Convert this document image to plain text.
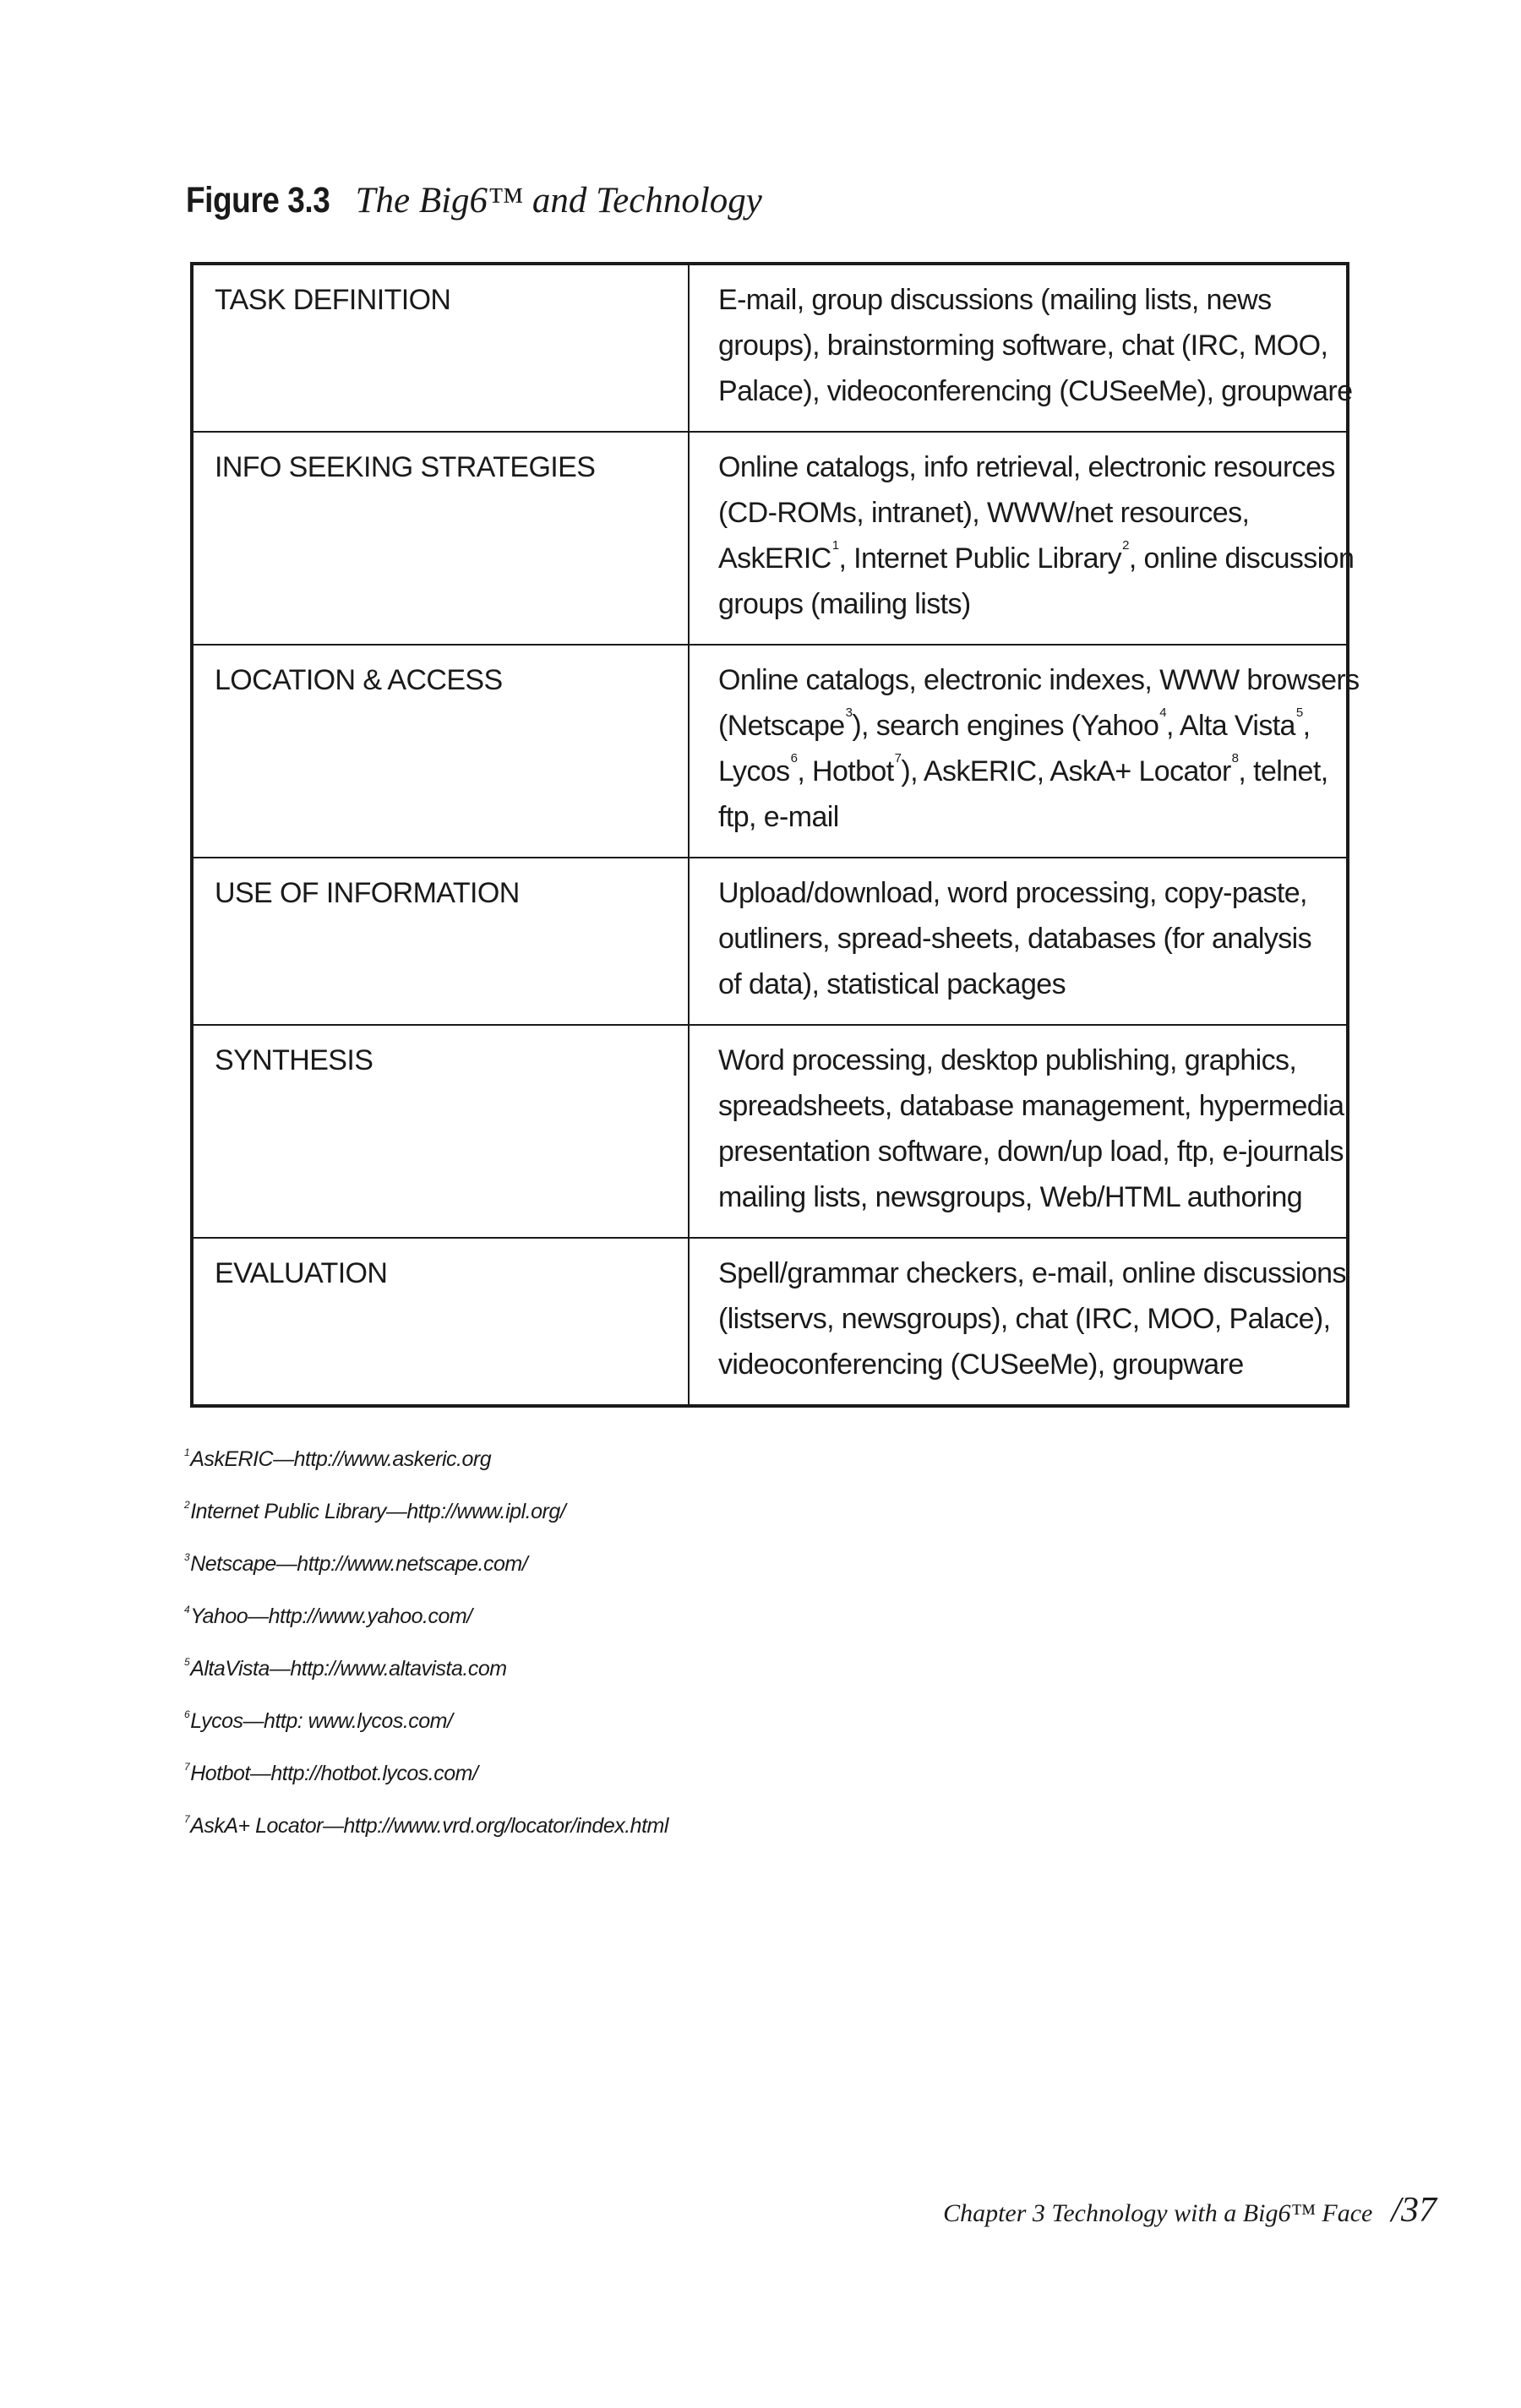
Figure 3.3 The Big6™ and Technology
TASK DEFINITION	E-mail, group discussions (mailing lists, news
groups), brainstorming software, chat (IRC, MOO,
Palace), videoconferencing (CUSeeMe), groupware

INFO SEEKING STRATEGIES	Online catalogs, info retrieval, electronic resources
(CD-ROMs, intranet), WWW/net resources,
AskERIC$^1$, Internet Public Library$^2$, online discussion
groups (mailing lists)

LOCATION & ACCESS	Online catalogs, electronic indexes, WWW browsers
(Netscape$^3$), search engines (Yahoo$^4$, Alta Vista$^5$,
Lycos$^6$, Hotbot$^7$), AskERIC, AskA+ Locator$^8$, telnet,
ftp, e-mail

USE OF INFORMATION	Upload/download, word processing, copy-paste,
outliners, spread-sheets, databases (for analysis
of data), statistical packages

SYNTHESIS	Word processing, desktop publishing, graphics,
spreadsheets, database management, hypermedia,
presentation software, down/up load, ftp, e-journals,
mailing lists, newsgroups, Web/HTML authoring

EVALUATION	Spell/grammar checkers, e-mail, online discussions
(listservs, newsgroups), chat (IRC, MOO, Palace),
videoconferencing (CUSeeMe), groupware
$^1$AskERIC—http://www.askeric.org
$^2$Internet Public Library—http://www.ipl.org/
$^3$Netscape—http://www.netscape.com/
$^4$Yahoo—http://www.yahoo.com/
$^5$AltaVista—http://www.altavista.com
$^6$Lycos—http: www.lycos.com/
$^7$Hotbot—http://hotbot.lycos.com/
$^7$AskA+ Locator—http://www.vrd.org/locator/index.html
Chapter 3 Technology with a Big6™ Face /37
